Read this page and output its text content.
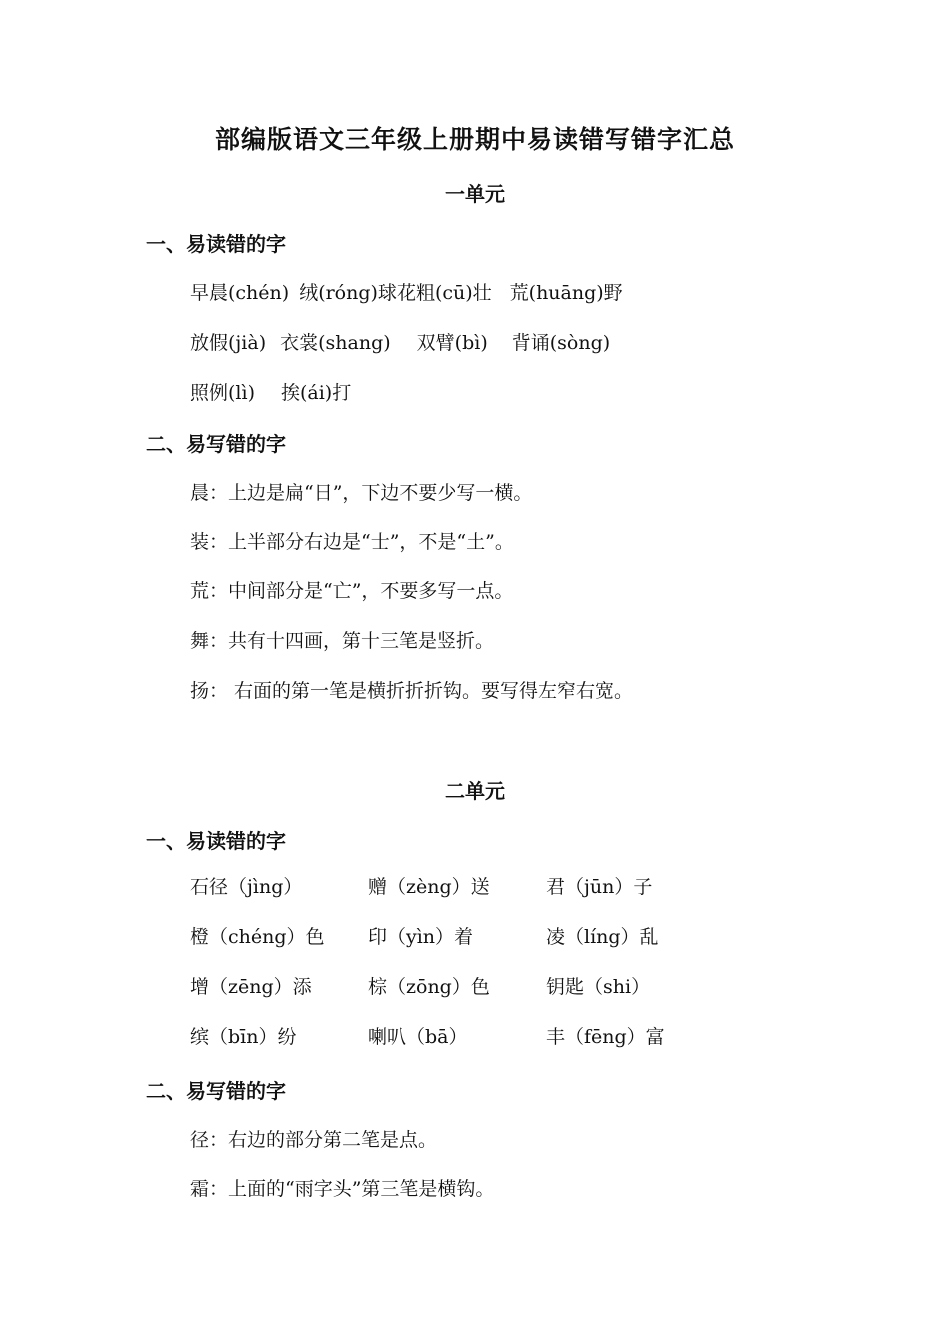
部编版语文三年级上册期中易读错写错字汇总
一单元
一、易读错的字
早晨(chén) 绒(róng)球花粗(cū)壮 荒(huāng)野
放假(jià) 衣裳(shang) 双臂(bì) 背诵(sòng)
照例(lì) 挨(ái)打
二、易写错的字
晨：上边是扁“日”，下边不要少写一横。
装：上半部分右边是“士”，不是“土”。
荒：中间部分是“亡”，不要多写一点。
舞：共有十四画，第十三笔是竖折。
扬： 右面的第一笔是横折折折钩。要写得左窄右宽。
二单元
一、易读错的字
石径（jìng）	赠（zèng）送	君（jūn）子
橙（chéng）色 印（yìn）着	凌（líng）乱
增（zēng）添	棕（zōng）色	钥匙（shi）
缤（bīn）纷	喇叭（bā）	丰（fēng）富
二、易写错的字
径：右边的部分第二笔是点。
霜：上面的“雨字头”第三笔是横钩。
